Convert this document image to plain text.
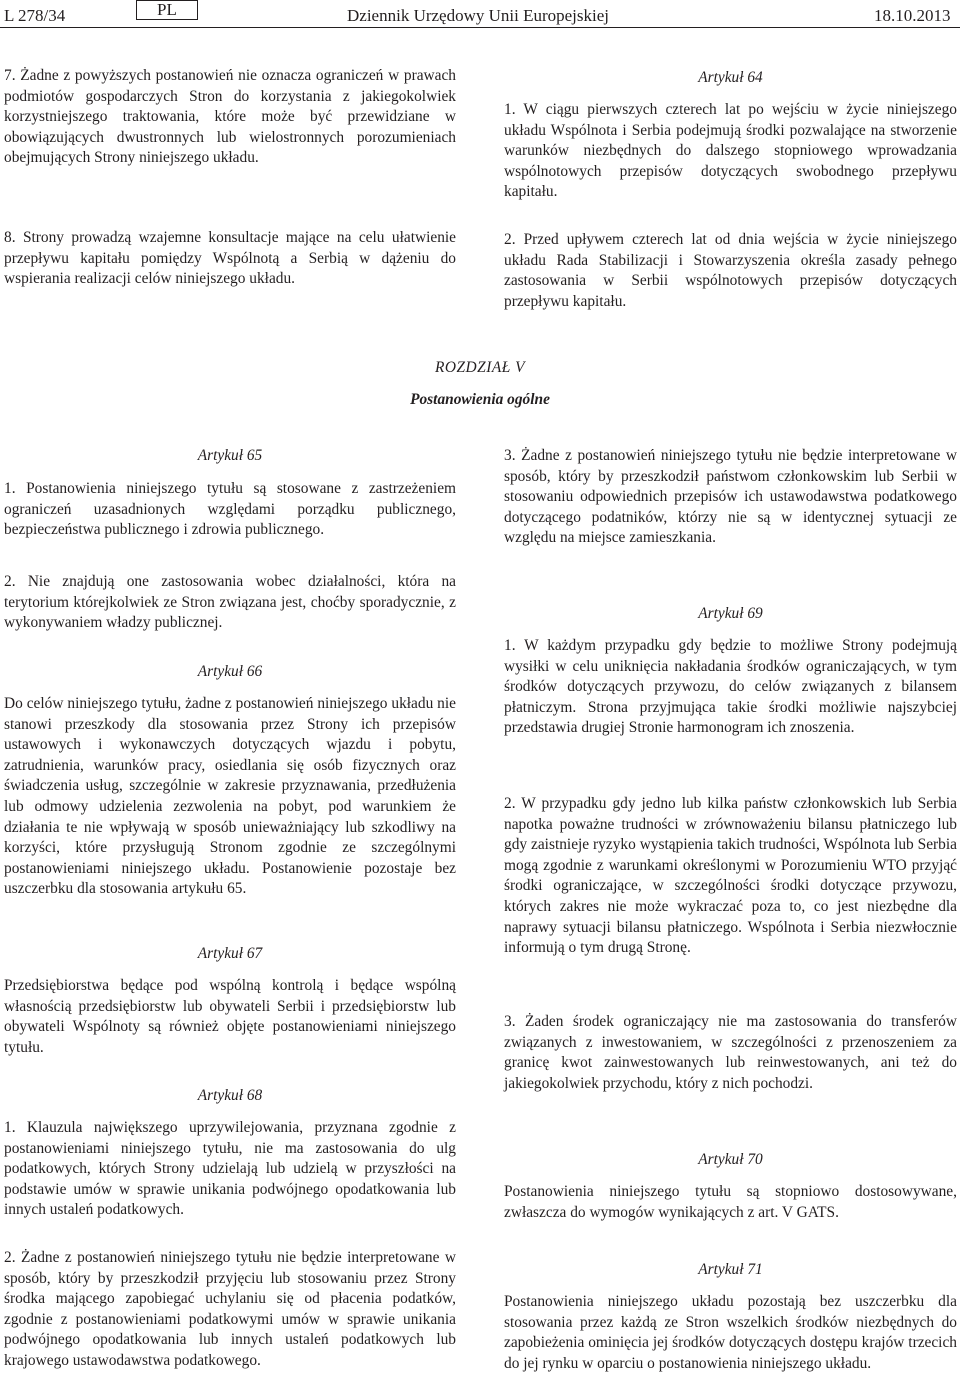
L 278/34	PL	Dziennik Urzędowy Unii Europejskiej	18.10.2013

7. Żadne z powyższych postanowień nie oznacza ograniczeń w prawach podmiotów gospodarczych Stron do korzystania z jakiegokolwiek korzystniejszego traktowania, które może być przewidziane w obowiązujących dwustronnych lub wielostronnych porozumieniach obejmujących Strony niniejszego układu.

8. Strony prowadzą wzajemne konsultacje mające na celu ułatwienie przepływu kapitału pomiędzy Wspólnotą a Serbią w dążeniu do wspierania realizacji celów niniejszego układu.

Artykuł 64

1. W ciągu pierwszych czterech lat po wejściu w życie niniejszego układu Wspólnota i Serbia podejmują środki pozwalające na stworzenie warunków niezbędnych do dalszego stopniowego wprowadzania wspólnotowych przepisów dotyczących swobodnego przepływu kapitału.

2. Przed upływem czterech lat od dnia wejścia w życie niniejszego układu Rada Stabilizacji i Stowarzyszenia określa zasady pełnego zastosowania w Serbii wspólnotowych przepisów dotyczących przepływu kapitału.

ROZDZIAŁ V
Postanowienia ogólne
Artykuł 65

1. Postanowienia niniejszego tytułu są stosowane z zastrzeżeniem ograniczeń uzasadnionych względami porządku publicznego, bezpieczeństwa publicznego i zdrowia publicznego.

2. Nie znajdują one zastosowania wobec działalności, która na terytorium którejkolwiek ze Stron związana jest, choćby sporadycznie, z wykonywaniem władzy publicznej.

Artykuł 66

Do celów niniejszego tytułu, żadne z postanowień niniejszego układu nie stanowi przeszkody dla stosowania przez Strony ich przepisów ustawowych i wykonawczych dotyczących wjazdu i pobytu, zatrudnienia, warunków pracy, osiedlania się osób fizycznych oraz świadczenia usług, szczególnie w zakresie przyznawania, przedłużenia lub odmowy udzielenia zezwolenia na pobyt, pod warunkiem że działania te nie wpływają w sposób unieważniający lub szkodliwy na korzyści, które przysługują Stronom zgodnie ze szczególnymi postanowieniami niniejszego układu. Postanowienie pozostaje bez uszczerbku dla stosowania artykułu 65.

Artykuł 67

Przedsiębiorstwa będące pod wspólną kontrolą i będące wspólną własnością przedsiębiorstw lub obywateli Serbii i przedsiębiorstw lub obywateli Wspólnoty są również objęte postanowieniami niniejszego tytułu.

Artykuł 68

1. Klauzula największego uprzywilejowania, przyznana zgodnie z postanowieniami niniejszego tytułu, nie ma zastosowania do ulg podatkowych, których Strony udzielają lub udzielą w przyszłości na podstawie umów w sprawie unikania podwójnego opodatkowania lub innych ustaleń podatkowych.

2. Żadne z postanowień niniejszego tytułu nie będzie interpretowane w sposób, który by przeszkodził przyjęciu lub stosowaniu przez Strony środka mającego zapobiegać uchylaniu się od płacenia podatków, zgodnie z postanowieniami podatkowymi umów w sprawie unikania podwójnego opodatkowania lub innych ustaleń podatkowych lub krajowego ustawodawstwa podatkowego.

3. Żadne z postanowień niniejszego tytułu nie będzie interpretowane w sposób, który by przeszkodził państwom członkowskim lub Serbii w stosowaniu odpowiednich przepisów ich ustawodawstwa podatkowego dotyczącego podatników, którzy nie są w identycznej sytuacji ze względu na miejsce zamieszkania.

Artykuł 69

1. W każdym przypadku gdy będzie to możliwe Strony podejmują wysiłki w celu uniknięcia nakładania środków ograniczających, w tym środków dotyczących przywozu, do celów związanych z bilansem płatniczym. Strona przyjmująca takie środki możliwie najszybciej przedstawia drugiej Stronie harmonogram ich znoszenia.

2. W przypadku gdy jedno lub kilka państw członkowskich lub Serbia napotka poważne trudności w zrównoważeniu bilansu płatniczego lub gdy zaistnieje ryzyko wystąpienia takich trudności, Wspólnota lub Serbia mogą zgodnie z warunkami określonymi w Porozumieniu WTO przyjąć środki ograniczające, w szczególności środki dotyczące przywozu, których zakres nie może wykraczać poza to, co jest niezbędne dla naprawy sytuacji bilansu płatniczego. Wspólnota i Serbia niezwłocznie informują o tym drugą Stronę.

3. Żaden środek ograniczający nie ma zastosowania do transferów związanych z inwestowaniem, w szczególności z przenoszeniem za granicę kwot zainwestowanych lub reinwestowanych, ani też do jakiegokolwiek przychodu, który z nich pochodzi.

Artykuł 70

Postanowienia niniejszego tytułu są stopniowo dostosowywane, zwłaszcza do wymogów wynikających z art. V GATS.

Artykuł 71

Postanowienia niniejszego układu pozostają bez uszczerbku dla stosowania przez każdą ze Stron wszelkich środków niezbędnych do zapobieżenia ominięcia jej środków dotyczących dostępu krajów trzecich do jej rynku w oparciu o postanowienia niniejszego układu.
